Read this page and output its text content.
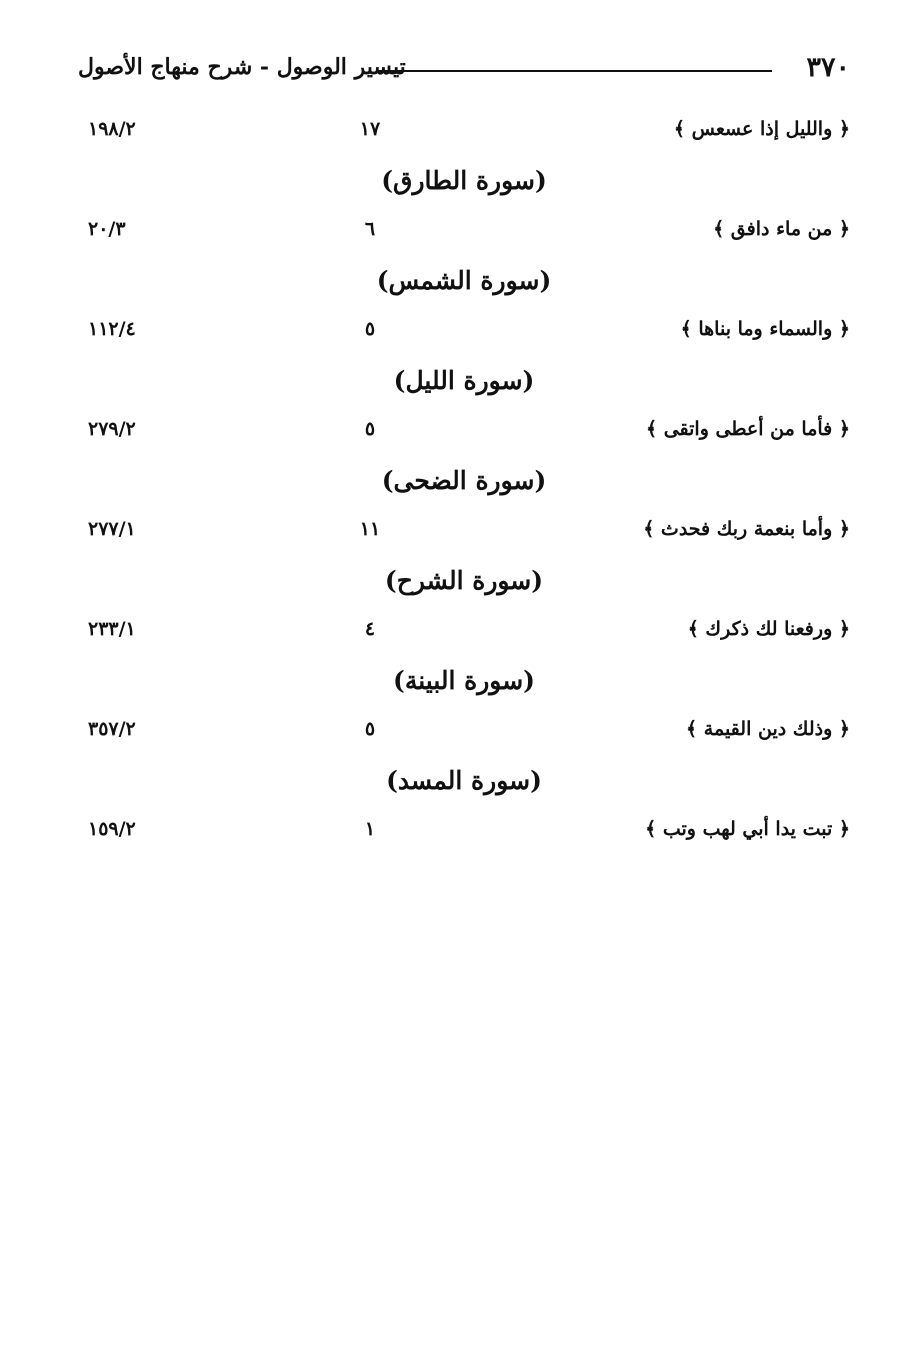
٣٧٠
تيسير الوصول - شرح منهاج الأصول
﴿ والليل إذا عسعس ﴾
١٧
١٩٨/٢
(سورة الطارق)
﴿ من ماء دافق ﴾
٦
٢٠/٣
(سورة الشمس)
﴿ والسماء وما بناها ﴾
٥
١١٢/٤
(سورة الليل)
﴿ فأما من أعطى واتقى ﴾
٥
٢٧٩/٢
(سورة الضحى)
﴿ وأما بنعمة ربك فحدث ﴾
١١
٢٧٧/١
(سورة الشرح)
﴿ ورفعنا لك ذكرك ﴾
٤
٢٣٣/١
(سورة البينة)
﴿ وذلك دين القيمة ﴾
٥
٣٥٧/٢
(سورة المسد)
﴿ تبت يدا أبي لهب وتب ﴾
١
١٥٩/٢
